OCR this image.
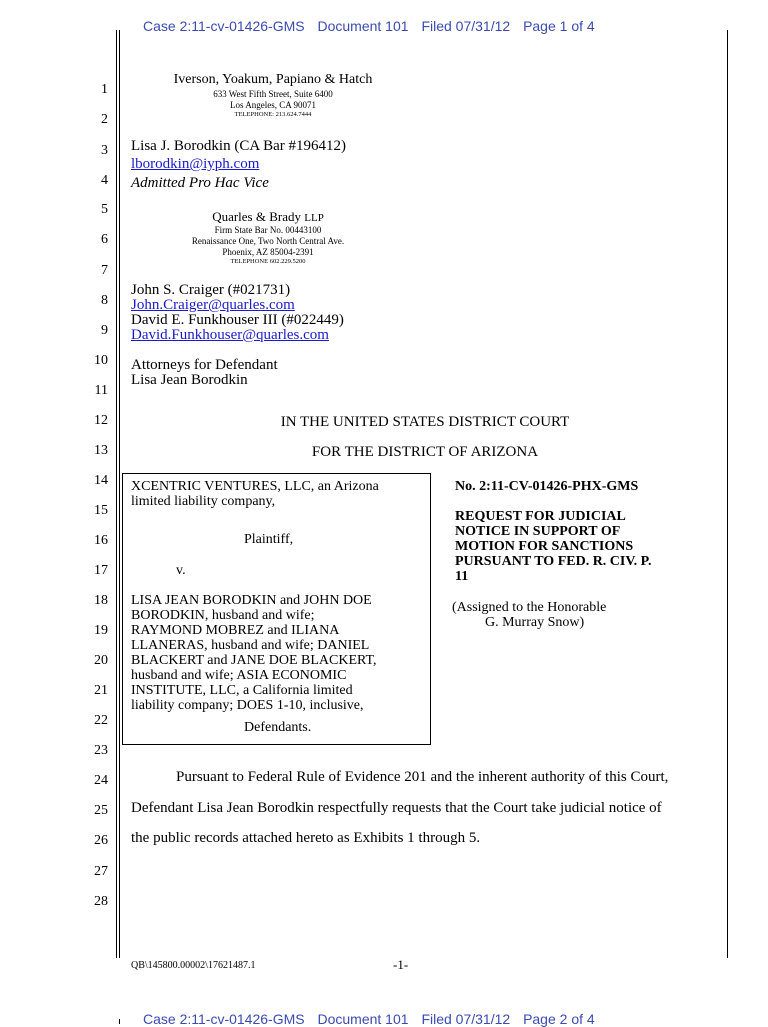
Case 2:11-cv-01426-GMS Document 101 Filed 07/31/12 Page 1 of 4
1
2
3
4
5
6
7
8
9
10
11
12
13
14
15
16
17
18
19
20
21
22
23
24
25
26
27
28
Iverson, Yoakum, Papiano & Hatch
633 West Fifth Street, Suite 6400
Los Angeles, CA 90071
TELEPHONE: 213.624.7444
Lisa J. Borodkin (CA Bar #196412)
lborodkin@iyph.com
Admitted Pro Hac Vice
Quarles & Brady LLP
Firm State Bar No. 00443100
Renaissance One, Two North Central Ave.
Phoenix, AZ 85004-2391
TELEPHONE 602.229.5200
John S. Craiger (#021731)
John.Craiger@quarles.com
David E. Funkhouser III (#022449)
David.Funkhouser@quarles.com
Attorneys for Defendant
Lisa Jean Borodkin
IN THE UNITED STATES DISTRICT COURT
FOR THE DISTRICT OF ARIZONA
XCENTRIC VENTURES, LLC, an Arizona
limited liability company,
Plaintiff,
v.
LISA JEAN BORODKIN and JOHN DOE
BORODKIN, husband and wife;
RAYMOND MOBREZ and ILIANA
LLANERAS, husband and wife; DANIEL
BLACKERT and JANE DOE BLACKERT,
husband and wife; ASIA ECONOMIC
INSTITUTE, LLC, a California limited
liability company; DOES 1-10, inclusive,
Defendants.
No. 2:11-CV-01426-PHX-GMS
REQUEST FOR JUDICIAL
NOTICE IN SUPPORT OF
MOTION FOR SANCTIONS
PURSUANT TO FED. R. CIV. P.
11
(Assigned to the Honorable
G. Murray Snow)
Pursuant to Federal Rule of Evidence 201 and the inherent authority of this Court,
Defendant Lisa Jean Borodkin respectfully requests that the Court take judicial notice of
the public records attached hereto as Exhibits 1 through 5.
QB\145800.00002\17621487.1	-1-
Case 2:11-cv-01426-GMS Document 101 Filed 07/31/12 Page 2 of 4
